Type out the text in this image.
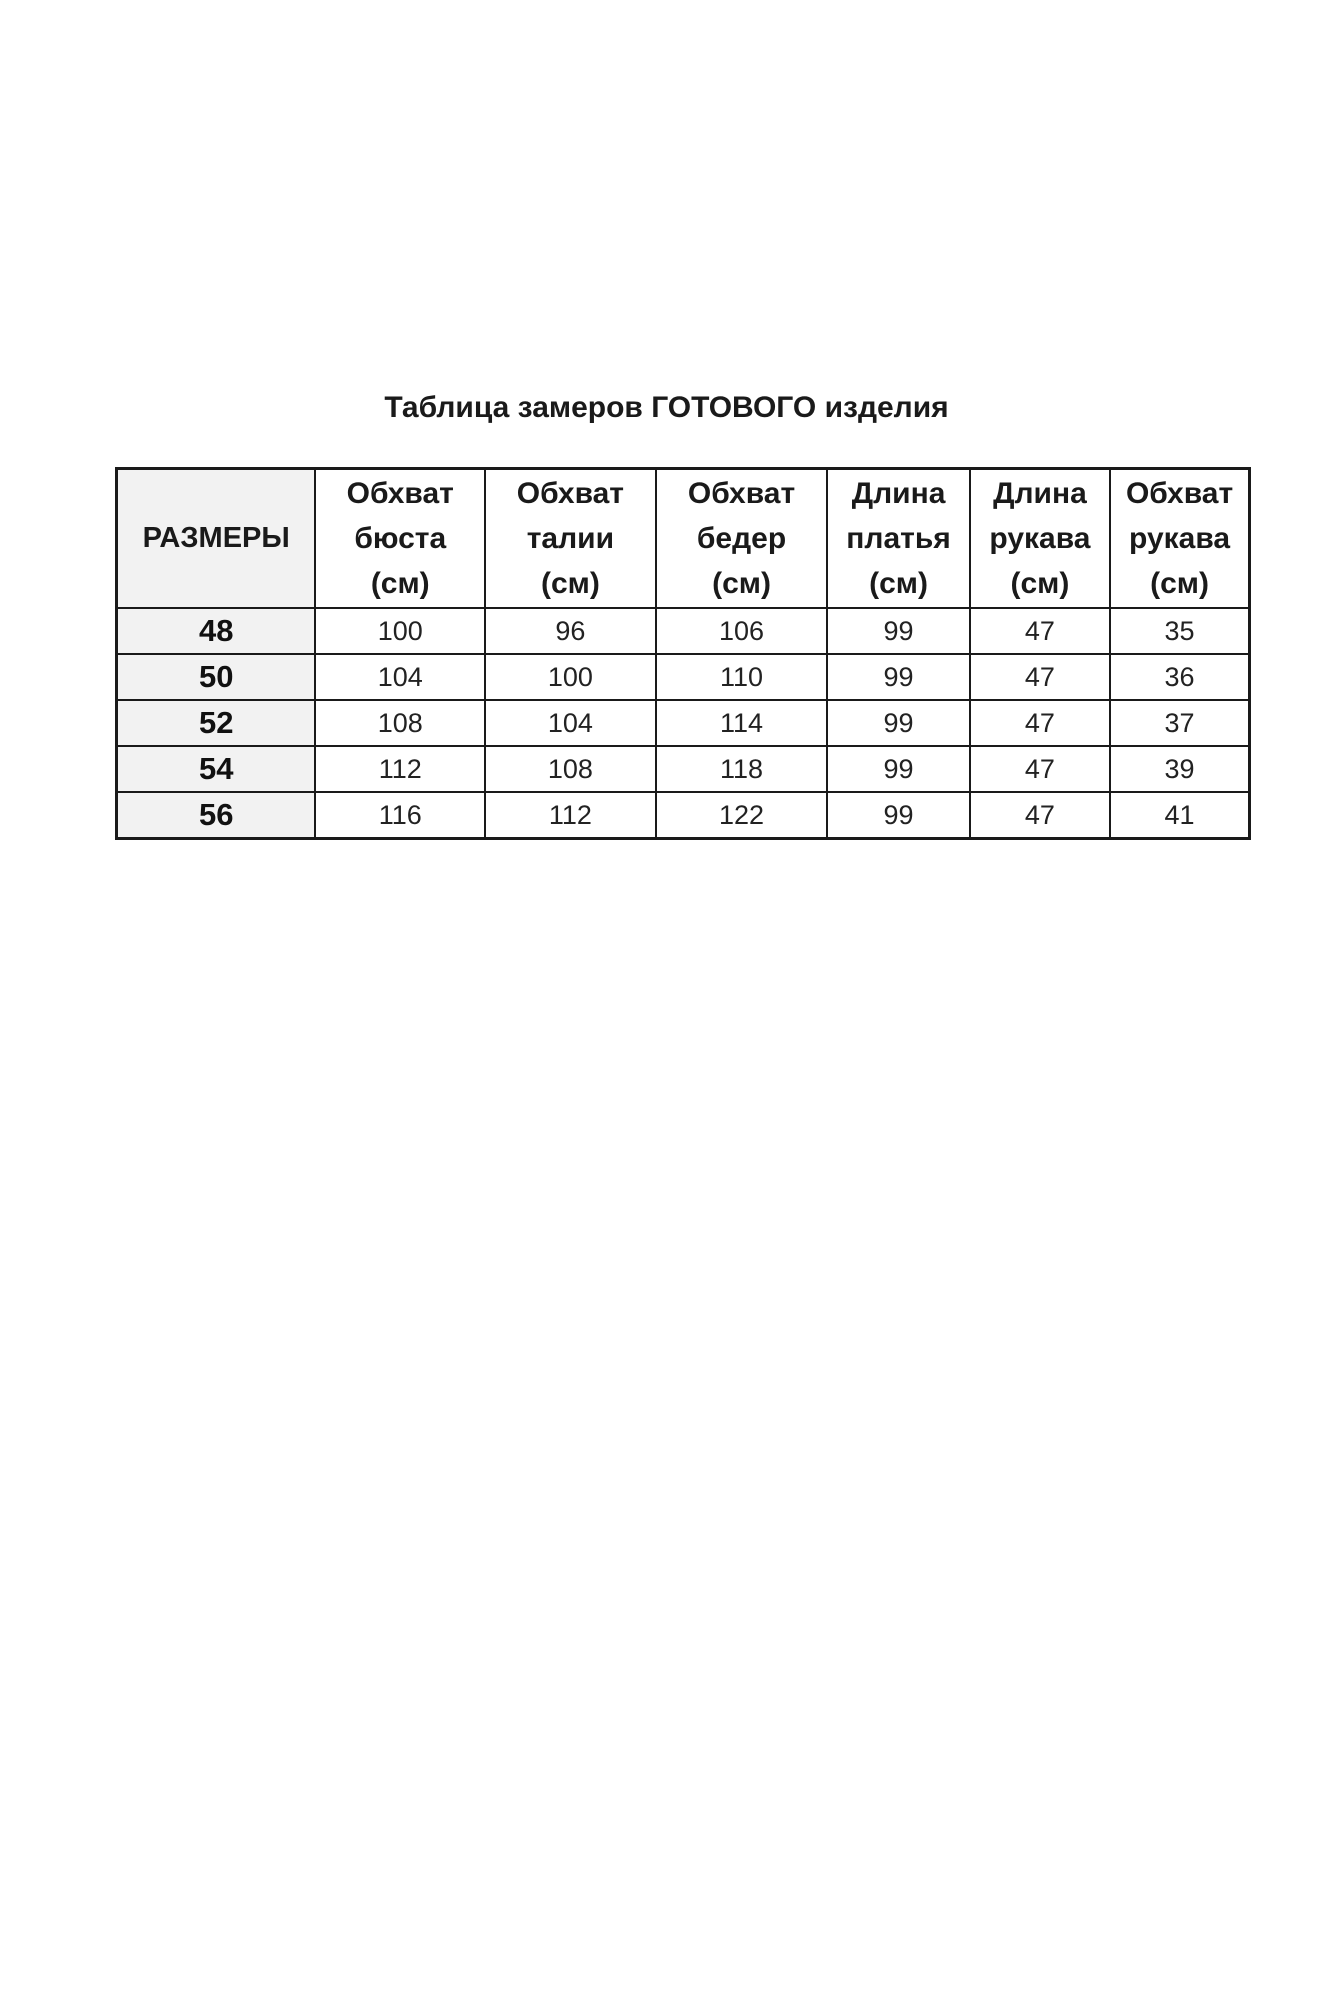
Таблица замеров ГОТОВОГО изделия
РАЗМЕРЫ	Обхват
бюста
(см)	Обхват
талии
(см)	Обхват
бедер
(см)	Длина
платья
(см)	Длина
рукава
(см)	Обхват
рукава
(см)

48	100	96	106	99	47	35
50	104	100	110	99	47	36
52	108	104	114	99	47	37
54	112	108	118	99	47	39
56	116	112	122	99	47	41
